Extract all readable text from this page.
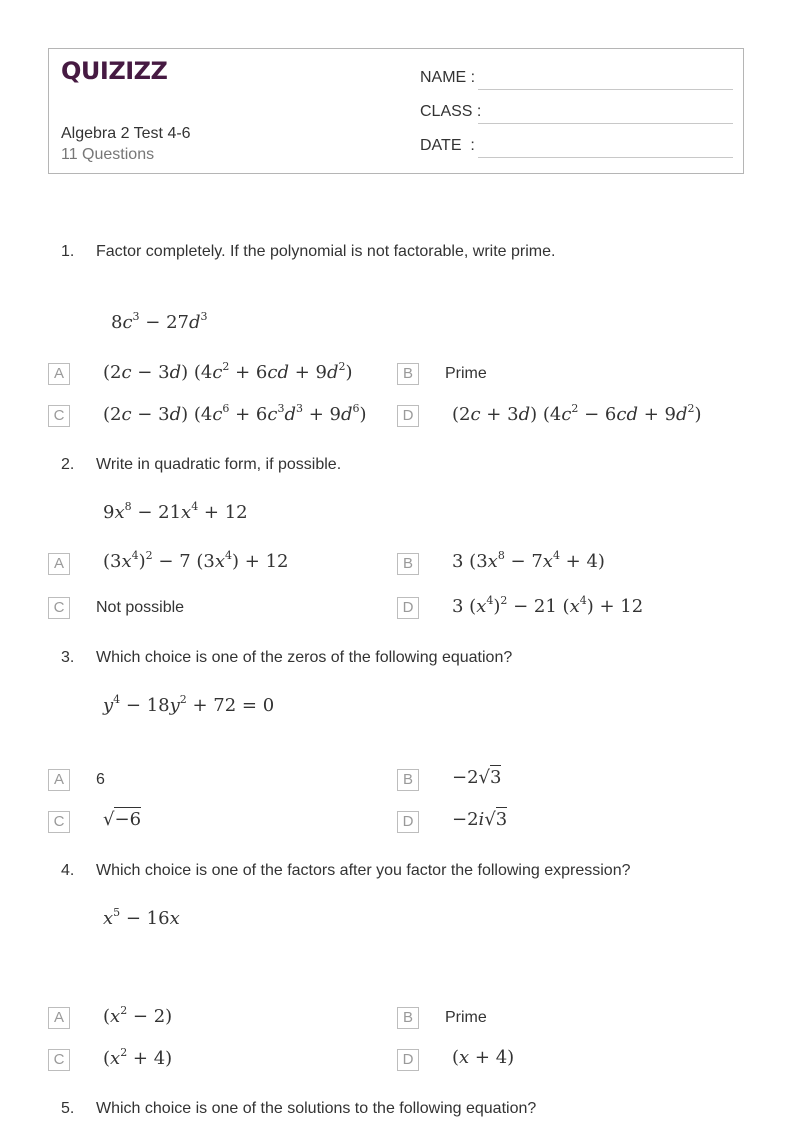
QUIZIZZ
Algebra 2 Test 4-6
11 Questions
NAME :
CLASS :
DATE  :
1. Factor completely. If the polynomial is not factorable, write prime.
$8c^3 - 27d^3$
A	(2c − 3d) $(4c^2 + 6cd + 9d^2)$	B	Prime
C	(2c − 3d) $(4c^6 + 6c^3d^3 + 9d^6)$	D	(2c + 3d) $(4c^2 - 6cd + 9d^2)$
2. Write in quadratic form, if possible.
$9x^8 - 21x^4 + 12$
A	$(3x^4)^2 - 7$ $(3x^4) + 12$	B	3 $(3x^8 - 7x^4 + 4)$
C	Not possible	D	3 $(x^4)^2 - 21$ $(x^4) + 12$
3. Which choice is one of the zeros of the following equation?
$y^4 - 18y^2 + 72 = 0$
A	6	B	−2√3
C	√−6	D	−2i√3
4. Which choice is one of the factors after you factor the following expression?
$x^5 - 16x$
A	$(x^2 - 2)$	B	Prime
C	$(x^2 + 4)$	D	(x + 4)
5. Which choice is one of the solutions to the following equation?
